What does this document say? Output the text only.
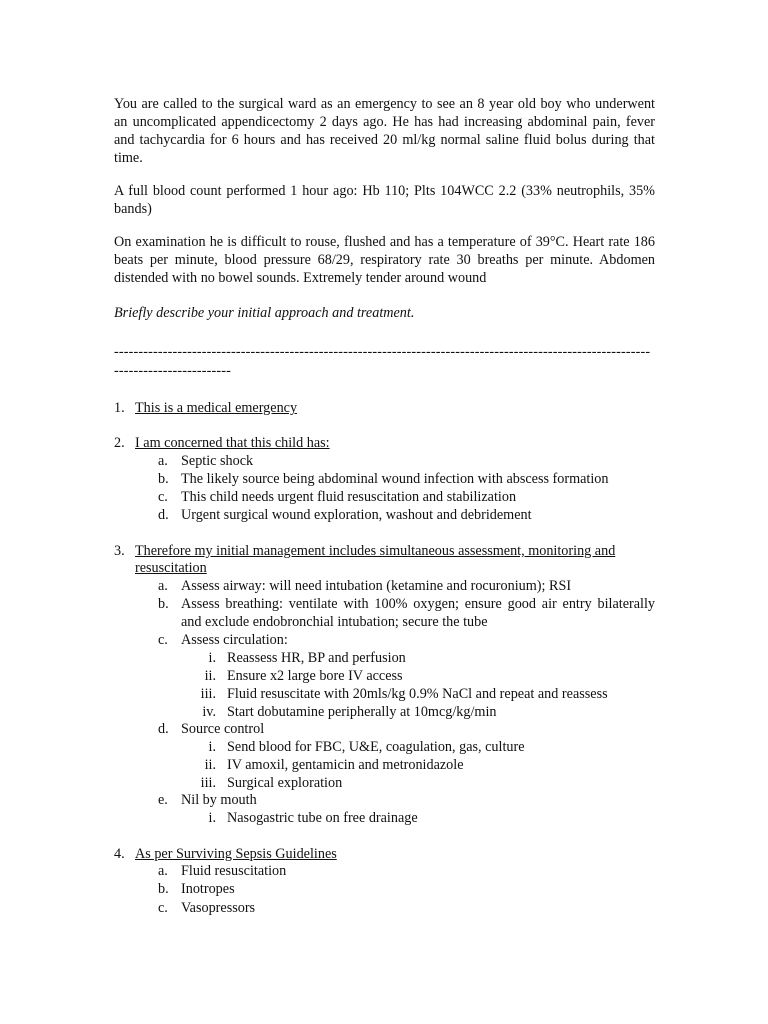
You are called to the surgical ward as an emergency to see an 8 year old boy who underwent an uncomplicated appendicectomy 2 days ago. He has had increasing abdominal pain, fever and tachycardia for 6 hours and has received 20 ml/kg normal saline fluid bolus during that time.

A full blood count performed 1 hour ago: Hb 110; Plts 104WCC 2.2 (33% neutrophils, 35% bands)

On examination he is difficult to rouse, flushed and has a temperature of 39°C. Heart rate 186 beats per minute, blood pressure 68/29, respiratory rate 30 breaths per minute. Abdomen distended with no bowel sounds. Extremely tender around wound

Briefly describe your initial approach and treatment.

--------------------------------------------------------------------------------------------------------------
------------------------
1. This is a medical emergency
2. I am concerned that this child has:
a. Septic shock
b. The likely source being abdominal wound infection with abscess formation
c. This child needs urgent fluid resuscitation and stabilization
d. Urgent surgical wound exploration, washout and debridement
3. Therefore my initial management includes simultaneous assessment, monitoring and
resuscitation
a. Assess airway: will need intubation (ketamine and rocuronium); RSI
b. Assess breathing: ventilate with 100% oxygen; ensure good air entry bilaterally and exclude endobronchial intubation; secure the tube
c. Assess circulation:
i. Reassess HR, BP and perfusion
ii. Ensure x2 large bore IV access
iii. Fluid resuscitate with 20mls/kg 0.9% NaCl and repeat and reassess
iv. Start dobutamine peripherally at 10mcg/kg/min
d. Source control
i. Send blood for FBC, U&E, coagulation, gas, culture
ii. IV amoxil, gentamicin and metronidazole
iii. Surgical exploration
e. Nil by mouth
i. Nasogastric tube on free drainage
4. As per Surviving Sepsis Guidelines
a. Fluid resuscitation
b. Inotropes
c. Vasopressors
